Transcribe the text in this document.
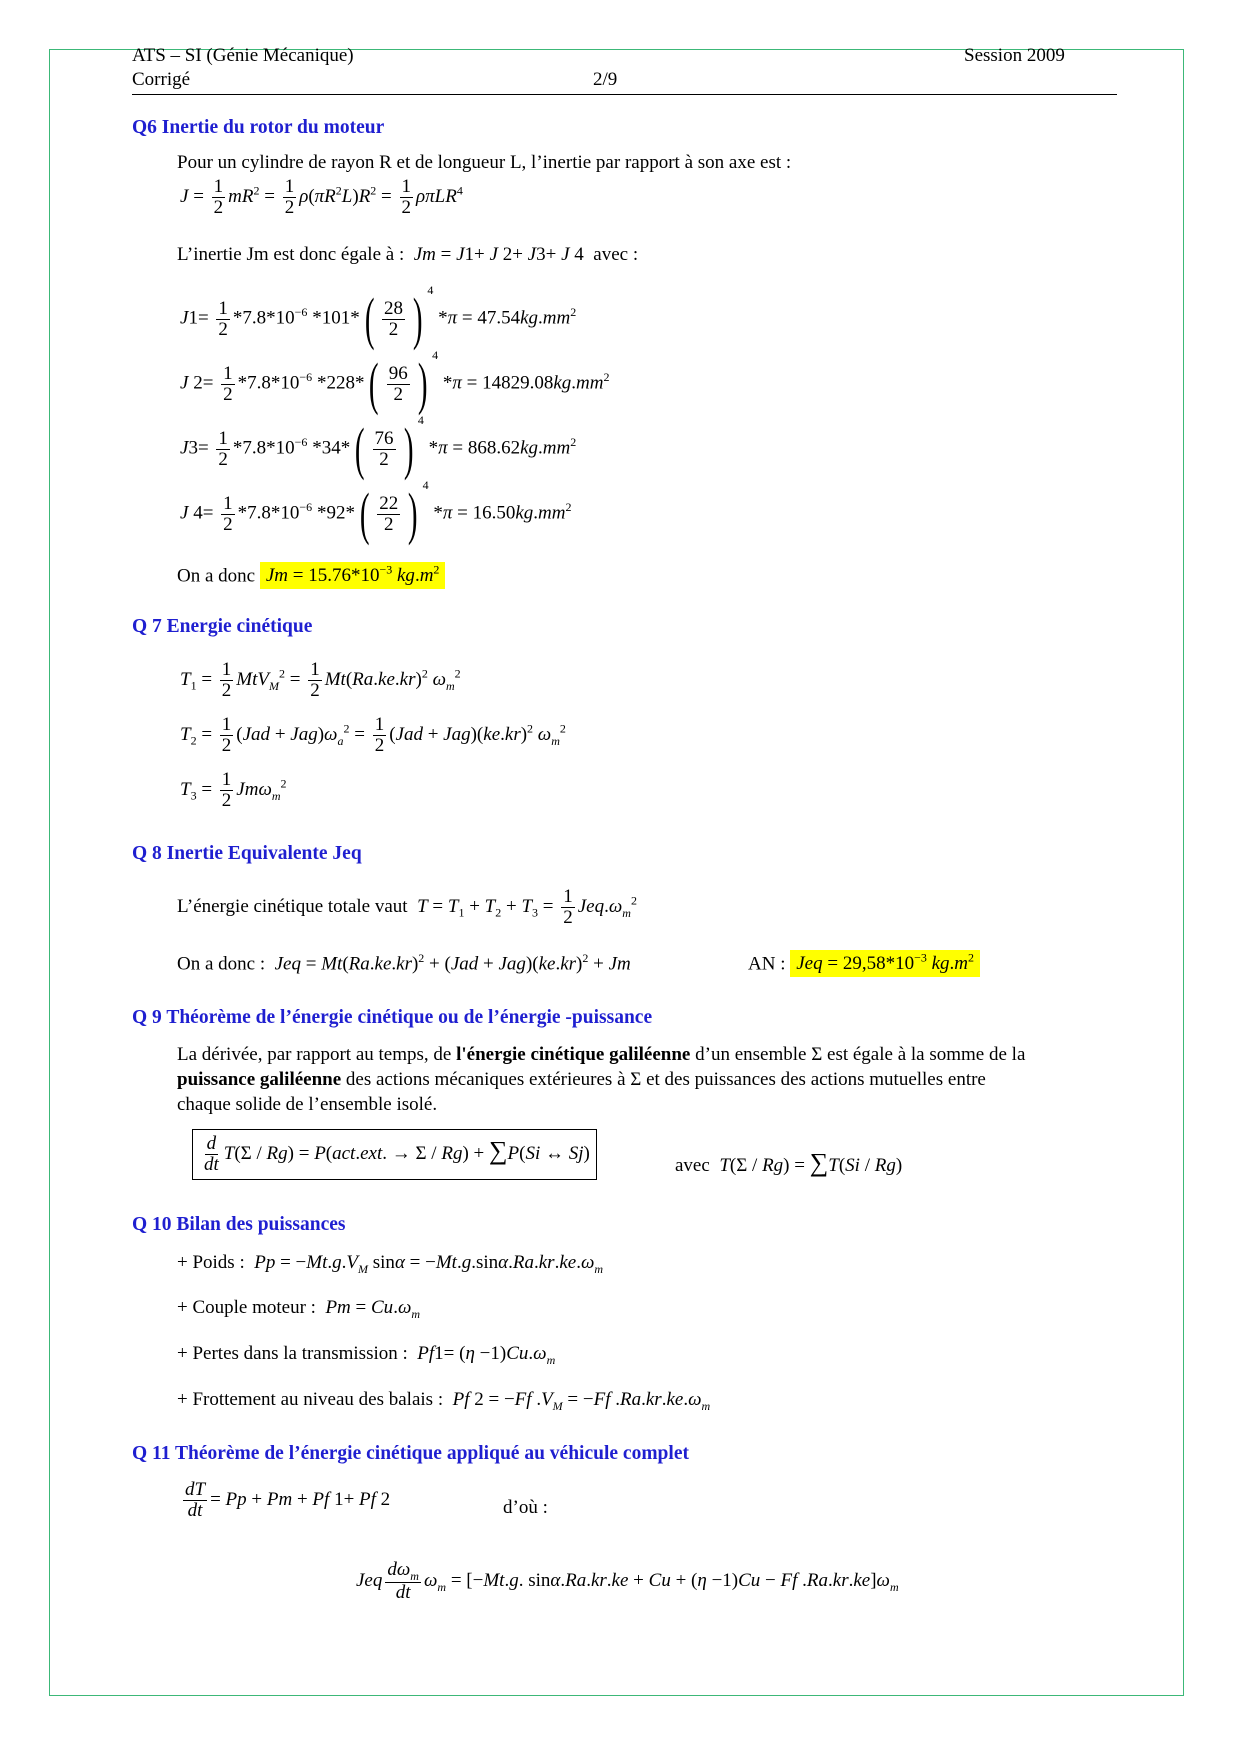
ATS – SI (Génie Mécanique)
Corrigé	2/9
Session 2009
Q6 Inertie du rotor du moteur
Pour un cylindre de rayon R et de longueur L, l’inertie par rapport à son axe est :
$J = \frac{1}{2} mR^2 = \frac{1}{2} \rho(\pi R^2L)R^2 = \frac{1}{2} \rho\pi LR^4$
L’inertie Jm est donc égale à :  Jm = J1+ J 2+ J3+ J 4  avec :
$J1= \frac{1}{2} *7.8*10^{-6}$ *101* ( $\frac{28}{2}$ ) $^4$ $*\pi = 47.54kg.mm^2$
J $2= \frac{1}{2} *7.8*10^{-6}$ *228* ( $\frac{96}{2}$ ) $^4$ $*\pi = 14829.08kg.mm^2$
$J3= \frac{1}{2} *7.8*10^{-6}$ *34* ( $\frac{76}{2}$ ) $^4$ $*\pi = 868.62kg.mm^2$
J $4= \frac{1}{2} *7.8*10^{-6}$ *92* ( $\frac{22}{2}$ ) $^4$ $*\pi = 16.50kg.mm^2$
On a donc $Jm = 15.76*10^{-3}$ $kg.m^2$
Q 7 Energie cinétique
$T_1 = \frac{1}{2} MtV_M^2 = \frac{1}{2} Mt(Ra.ke.kr)^2$ $\omega_m^2$
$T_2 = \frac{1}{2} (Jad + Jag)\omega_a^2 = \frac{1}{2} (Jad + Jag)(ke.kr)^2$ $\omega_m^2$
$T_3 = \frac{1}{2} Jm\omega_m^2$
Q 8 Inertie Equivalente Jeq
L’énergie cinétique totale vaut  $T = T_1 + T_2 + T_3 = \frac{1}{2} Jeq.\omega_m^2$
On a donc :  Jeq = $Mt(Ra.ke.kr)^2 + (Jad + Jag)(ke.kr)^2 + Jm$	AN : Jeq = $29,58*10^{-3}$ $kg.m^2$
Q 9 Théorème de l’énergie cinétique ou de l’énergie -puissance
La dérivée, par rapport au temps, de l'énergie cinétique galiléenne d’un ensemble Σ est égale à la somme de la
puissance galiléenne des actions mécaniques extérieures à Σ et des puissances des actions mutuelles entre
chaque solide de l’ensemble isolé.
$\frac{d}{dt} T(\Sigma / Rg) = P(act.ext$. → Σ / Rg) + ∑P(Si ↔ Sj)
avec T(Σ / Rg) = ∑T(Si / Rg)
Q 10 Bilan des puissances
+ Poids :  $Pp = -Mt.g.V_M$ $\sin\alpha = -Mt.g.\sin\alpha.Ra.kr.ke.\omega_m$
+ Couple moteur :  $Pm = Cu.\omega_m$
+ Pertes dans la transmission :  $Pf1= (\eta -1)Cu.\omega_m$
+ Frottement au niveau des balais :  Pf 2 = −Ff $.V_M = -Ff$ $.Ra.kr.ke.\omega_m$
Q 11 Théorème de l’énergie cinétique appliqué au véhicule complet
$\frac{dT}{dt} = Pp + Pm + Pf$ 1+ Pf 2	d’où :
Jeq $\frac{d\omega_m}{dt} \omega_m = [-Mt.g$. sinα.Ra.kr.ke + Cu + (η −1)Cu − Ff $.Ra.kr.ke]\omega_m$
